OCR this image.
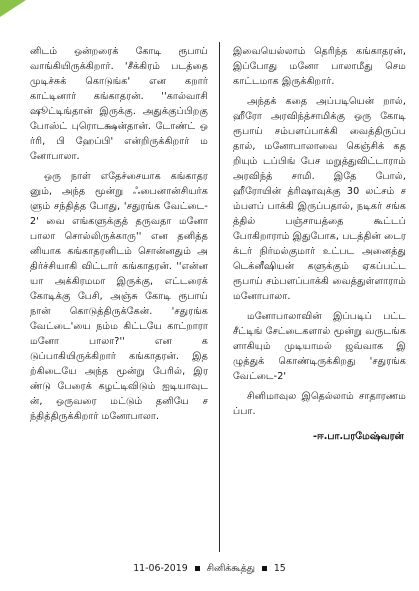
னிடம் ஒன்றரைக் கோடி ரூபாய் வாங்கியிருக்கிறார். 'சீக்கிரம் படத்தை முடிச்சுக் கொடுங்க' என கறார் காட்டினார் கங்காதரன். ''கால்வாசி ஷூட்டிங்தான் இருக்கு. அதுக்குப்பிறகு போஸ்ட் புரொடக்ஷன்தான். டோண்ட் ஒர்ரி, பி ஹேப்பி' என்றிருக்கிறார் மனோபாலா.

ஒரு நாள் எதேச்சையாக கங்காதரனும், அந்த மூன்று ஃபைனான்சியர்களும் சந்தித்த போது, 'சதுரங்க வேட்டை-2' வை எங்களுக்குத் தருவதா மனோ பாலா சொல்லிருக்காரு'' என தனித்தனியாக கங்காதரனிடம் சொன்னதும் அதிர்ச்சியாகி விட்டார் கங்காதரன். ''என்னயா அக்கிரமமா இருக்கு, எட்டரைக் கோடிக்கு பேசி, அஞ்சு கோடி ரூபாய் நான் கொடுத்திருக்கேன். 'சதுரங்க வேட்டை'யை நம்ம கிட்டயே காட்றாரா மனோ பாலா?'' என கடுப்பாகியிருக்கிறார் கங்காதரன். இதற்கிடையே அந்த மூன்று பேரில், இரண்டு பேரைக் கழட்டிவிடும் ஐடியாவுடன், ஒருவரை மட்டும் தனியே சந்தித்திருக்கிறார் மனோபாலா.

இவையெல்லாம் தெரிந்த கங்காதரன், இப்போது மனோ பாலாமீது செம காட்டமாக இருக்கிறார்.

அந்தக் கதை அப்படியென் றால், ஹீரோ அரவிந்த்சாமிக்கு ஒரு கோடி ரூபாய் சம்பளப்பாக்கி வைத்திருப்பதால், மனோபாலாவை கெஞ்சிக் கதறியும் டப்பிங் பேச மறுத்துவிட்டாராம் அரவிந்த் சாமி. இதே போல், ஹீரோயின் த்ரிஷாவுக்கு 30 லட்சம் சம்பளப் பாக்கி இருப்பதால், நடிகர் சங்கத்தில் பஞ்சாயத்தை கூட்டப் போகிறாராம் இதுபோக, படத்தின் டைரக்டர் நிர்மல்குமார் உட்பட அனைத்து டெக்னீஷியன் களுக்கும் ஏகப்பட்ட ரூபாய் சம்பளப்பாக்கி வைத்துள்ளாராம் மனோபாலா.

மனோபாலாவின் இப்படிப் பட்ட சீட்டிங் சேட்டைகளால் மூன்று வருடங்களாகியும் முடியாமல் ஜவ்வாக இழுத்துக் கொண்டிருக்கிறது 'சதுரங்க வேட்டை-2'

சினிமாவுல இதெல்லாம் சாதாரணமப்பா.

-ஈ.பா.பரமேஷ்வரன்
11-06-2019 சினிக்கூத்து 15
